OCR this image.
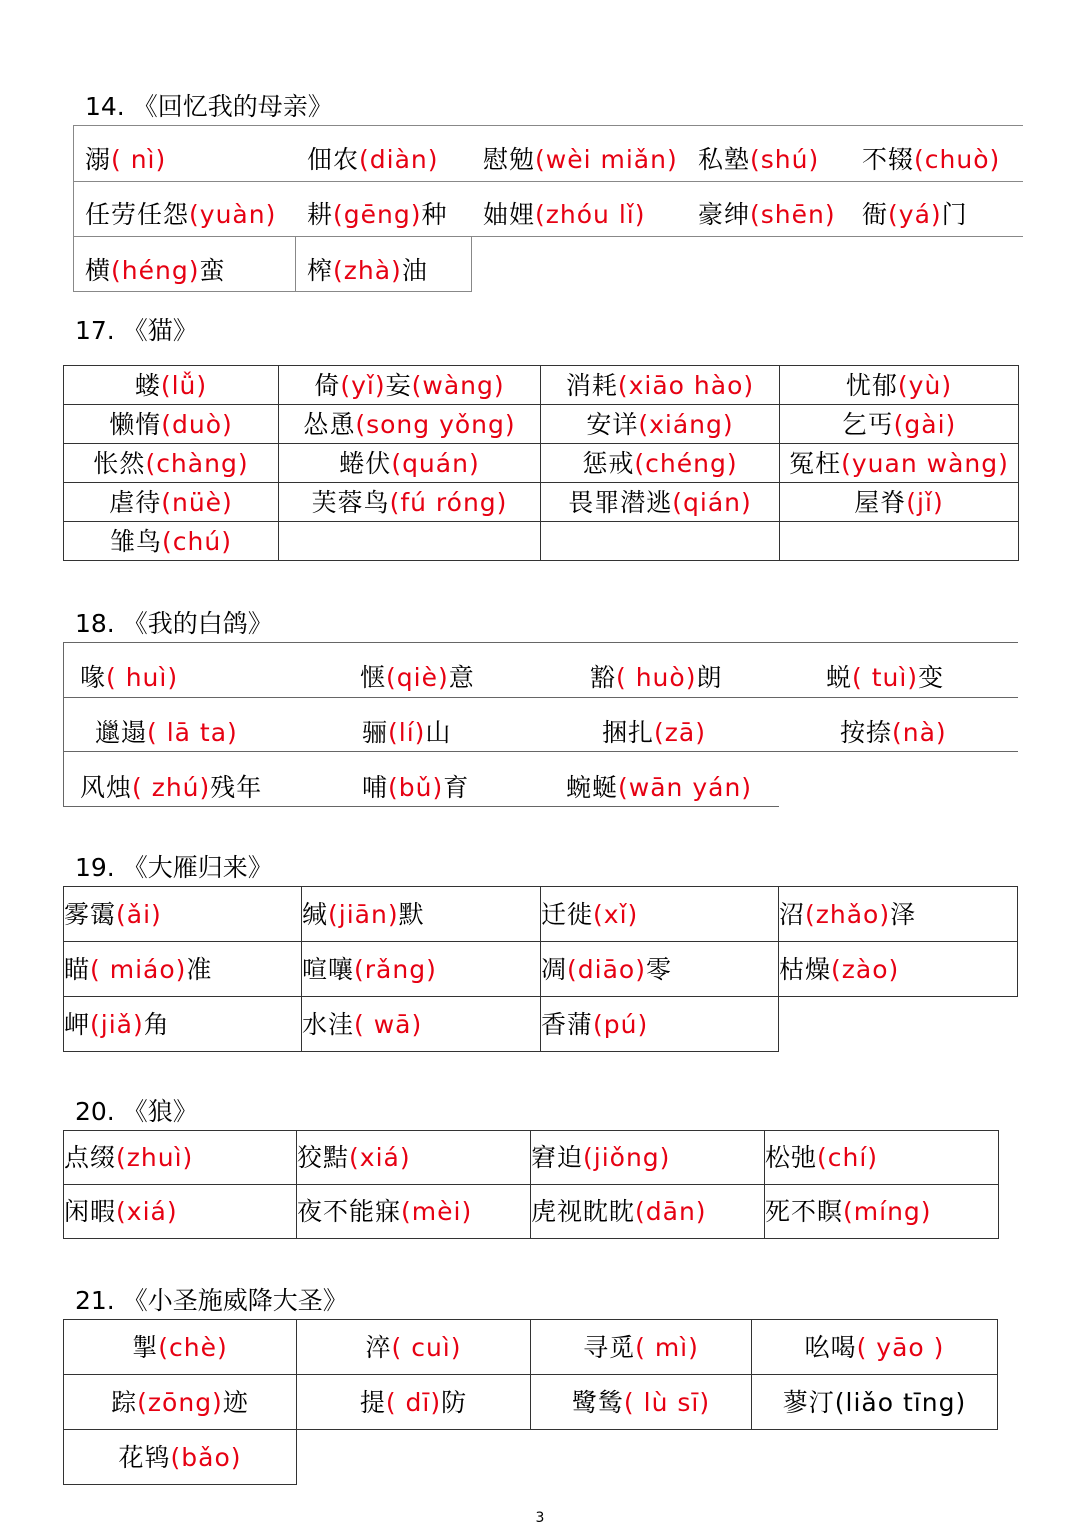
14. 《回忆我的母亲》
溺( nì)	佃农(diàn) 慰勉(wèi miǎn) 私塾(shú) 不辍(chuò)
任劳任怨(yuàn) 耕(gēng)种 妯娌(zhóu lǐ) 豪绅(shēn) 衙(yá)门
横(héng)蛮	榨(zhà)油
17. 《猫》
蝼(lǚ)	倚(yǐ)妄(wàng)	消耗(xiāo hào)	忧郁(yù)
懒惰(duò)	怂恿(song yǒng)	安详(xiáng)	乞丐(gài)
怅然(chàng)	蜷伏(quán)	惩戒(chéng)	冤枉(yuan wàng)
虐待(nüè)	芙蓉鸟(fú róng)	畏罪潜逃(qián)	屋脊(jǐ)
雏鸟(chú)			
18. 《我的白鸽》
喙( huì)	惬(qiè)意	豁( huò)朗	蜕( tuì)变
邋遢( lā ta)	骊(lí)山	捆扎(zā)	按捺(nà)
风烛( zhú)残年	哺(bǔ)育	蜿蜒(wān yán)
19. 《大雁归来》
雾霭(ǎi)	缄(jiān)默	迁徙(xǐ)	沼(zhǎo)泽
瞄( miáo)准	喧嚷(rǎng)	凋(diāo)零	枯燥(zào)
岬(jiǎ)角	水洼( wā)	香蒲(pú)	
20. 《狼》
点缀(zhuì)	狡黠(xiá)	窘迫(jiǒng)	松弛(chí)
闲暇(xiá)	夜不能寐(mèi)	虎视眈眈(dān)	死不瞑(míng)
21. 《小圣施威降大圣》
掣(chè)	淬( cuì)	寻觅( mì)	吆喝( yāo )
踪(zōng)迹	提( dī)防	鹭鸶( lù sī)	蓼汀(liǎo tīng)
花鸨(bǎo)			
3
